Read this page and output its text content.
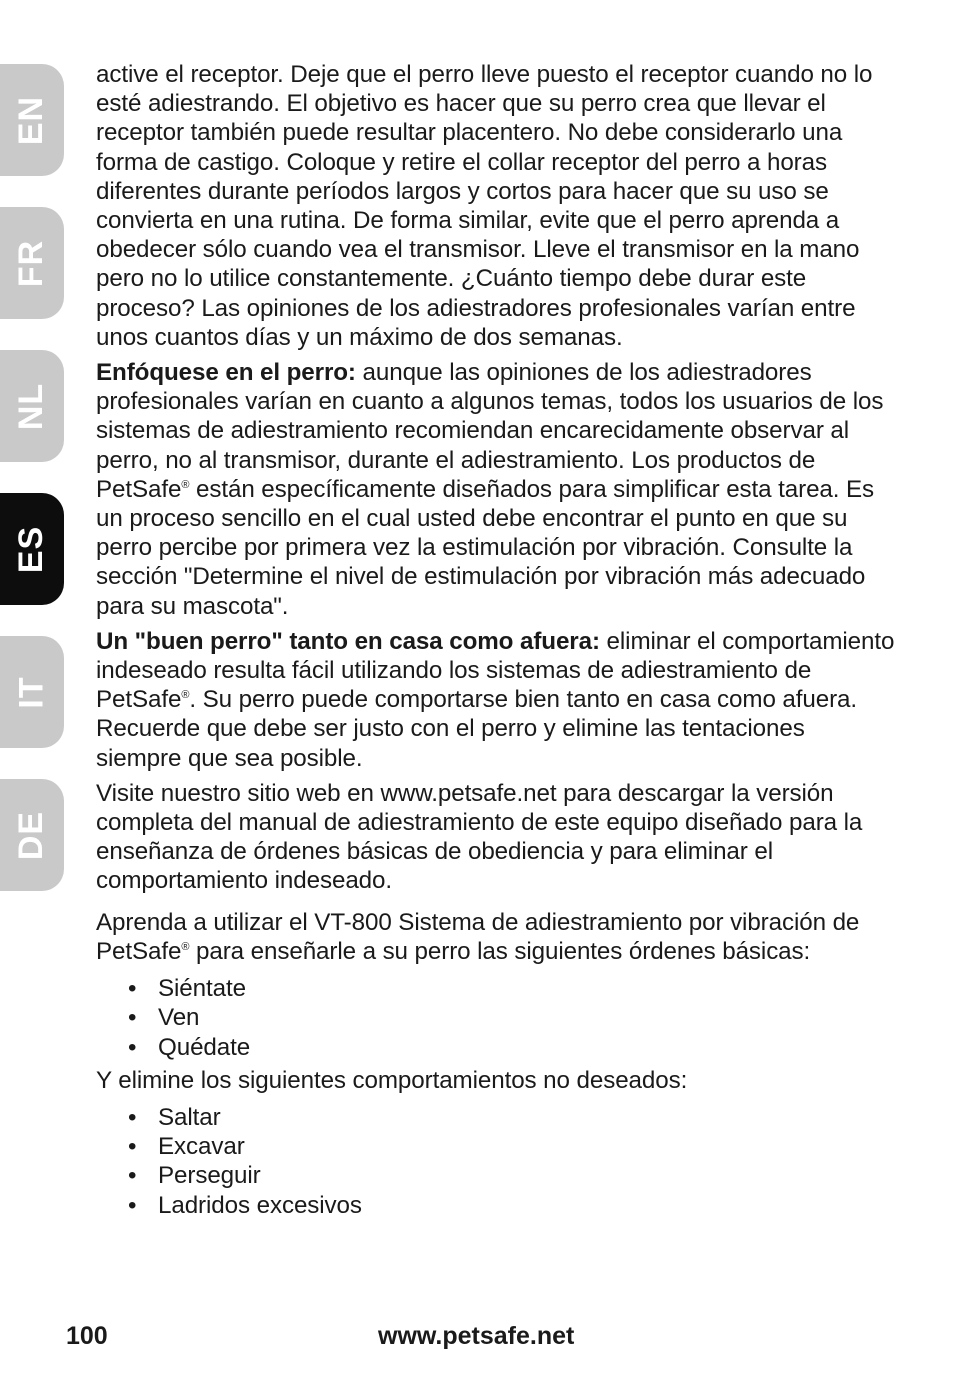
EN
FR
NL
ES
IT
DE

active el receptor. Deje que el perro lleve puesto el receptor cuando no lo esté adiestrando. El objetivo es hacer que su perro crea que llevar el receptor también puede resultar placentero. No debe considerarlo una forma de castigo. Coloque y retire el collar receptor del perro a horas diferentes durante períodos largos y cortos para hacer que su uso se convierta en una rutina. De forma similar, evite que el perro aprenda a obedecer sólo cuando vea el transmisor. Lleve el transmisor en la mano pero no lo utilice constantemente. ¿Cuánto tiempo debe durar este proceso? Las opiniones de los adiestradores profesionales varían entre unos cuantos días y un máximo de dos semanas.

Enfóquese en el perro: aunque las opiniones de los adiestradores profesionales varían en cuanto a algunos temas, todos los usuarios de los sistemas de adiestramiento recomiendan encarecidamente observar al perro, no al transmisor, durante el adiestramiento. Los productos de PetSafe® están específicamente diseñados para simplificar esta tarea. Es un proceso sencillo en el cual usted debe encontrar el punto en que su perro percibe por primera vez la estimulación por vibración. Consulte la sección "Determine el nivel de estimulación por vibración más adecuado para su mascota".

Un "buen perro" tanto en casa como afuera: eliminar el comportamiento indeseado resulta fácil utilizando los sistemas de adiestramiento de PetSafe®. Su perro puede comportarse bien tanto en casa como afuera. Recuerde que debe ser justo con el perro y elimine las tentaciones siempre que sea posible.

Visite nuestro sitio web en www.petsafe.net para descargar la versión completa del manual de adiestramiento de este equipo diseñado para la enseñanza de órdenes básicas de obediencia y para eliminar el comportamiento indeseado.

Aprenda a utilizar el VT-800 Sistema de adiestramiento por vibración de PetSafe® para enseñarle a su perro las siguientes órdenes básicas:

• Siéntate
• Ven
• Quédate

Y elimine los siguientes comportamientos no deseados:

• Saltar
• Excavar
• Perseguir
• Ladridos excesivos
100	www.petsafe.net
